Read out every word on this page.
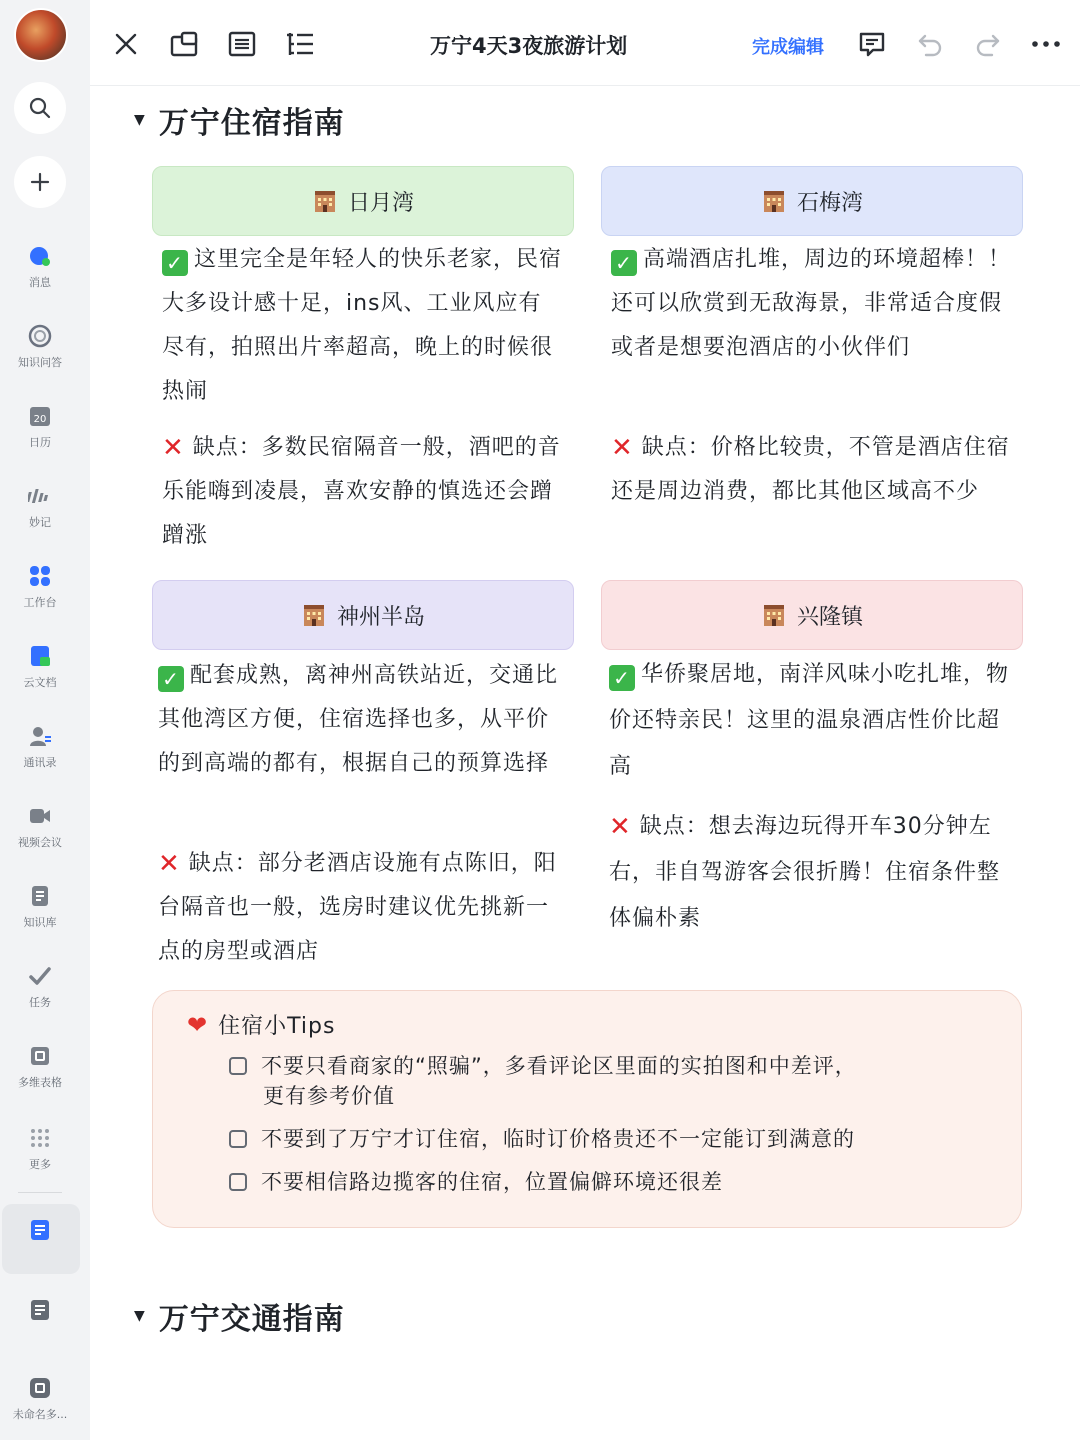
消息
知识问答
20
日历
妙记
工作台
云文档
通讯录
视频会议
知识库
任务
多维表格
更多
未命名多...
万宁4天3夜旅游计划	完成编辑
▼ 万宁住宿指南
日月湾	石梅湾
✓ 这里完全是年轻人的快乐老家，民宿大多设计感十足，ins风、工业风应有尽有，拍照出片率超高，晚上的时候很热闹
✕ 缺点：多数民宿隔音一般，酒吧的音乐能嗨到凌晨，喜欢安静的慎选还会蹭蹭涨
✓ 高端酒店扎堆，周边的环境超棒！！还可以欣赏到无敌海景，非常适合度假或者是想要泡酒店的小伙伴们
✕ 缺点：价格比较贵，不管是酒店住宿还是周边消费，都比其他区域高不少
神州半岛	兴隆镇
✓ 配套成熟，离神州高铁站近，交通比其他湾区方便，住宿选择也多，从平价的到高端的都有，根据自己的预算选择
✕ 缺点：部分老酒店设施有点陈旧，阳台隔音也一般，选房时建议优先挑新一点的房型或酒店
✓ 华侨聚居地，南洋风味小吃扎堆，物价还特亲民！这里的温泉酒店性价比超高
✕ 缺点：想去海边玩得开车30分钟左右，非自驾游客会很折腾！住宿条件整体偏朴素
❤ 住宿小Tips
不要只看商家的“照骗”，多看评论区里面的实拍图和中差评，
更有参考价值
不要到了万宁才订住宿，临时订价格贵还不一定能订到满意的
不要相信路边揽客的住宿，位置偏僻环境还很差
▼ 万宁交通指南
